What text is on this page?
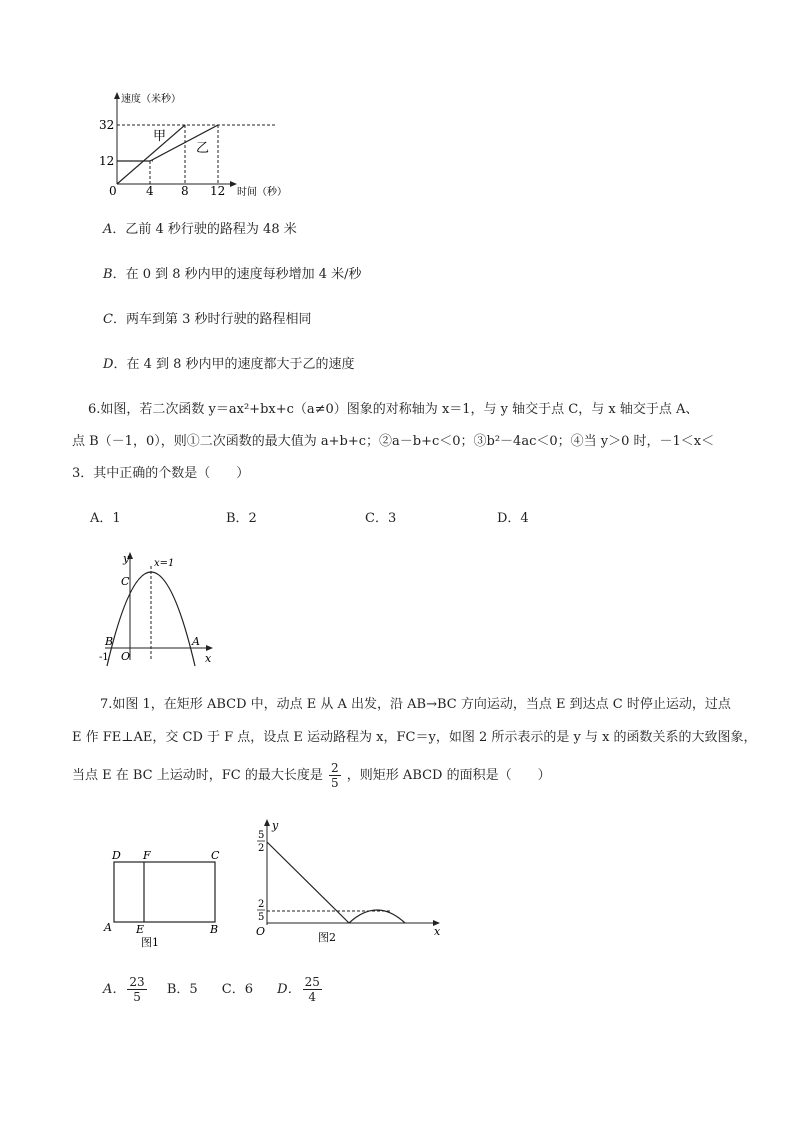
速度（米秒）
时间（秒）
32
12
0 4 8 12
甲
乙
A．乙前 4 秒行驶的路程为 48 米
B．在 0 到 8 秒内甲的速度每秒增加 4 米/秒
C．两车到第 3 秒时行驶的路程相同
D．在 4 到 8 秒内甲的速度都大于乙的速度
6.如图，若二次函数 y＝ax²+bx+c（a≠0）图象的对称轴为 x＝1，与 y 轴交于点 C，与 x 轴交于点 A、
点 B（－1，0），则①二次函数的最大值为 a+b+c；②a－b+c＜0；③b²－4ac＜0；④当 y＞0 时，－1＜x＜
3．其中正确的个数是（　　）
A．1	B．2	C．3	D．4
y x=1
C
B	A
-1 O	x
7.如图 1，在矩形 ABCD 中，动点 E 从 A 出发，沿 AB→BC 方向运动，当点 E 到达点 C 时停止运动，过点
E 作 FE⊥AE，交 CD 于 F 点，设点 E 运动路程为 x，FC＝y，如图 2 所示表示的是 y 与 x 的函数关系的大致图象，
当点 E 在 BC 上运动时，FC 的最大长度是 $\frac{2}{5}$ ，则矩形 ABCD 的面积是（　　）
D F	C
A E	B
图1
y
5
2
2
5
O	图2	x
A． $\frac{23}{5}$ B．5 C．6 D． $\frac{25}{4}$
